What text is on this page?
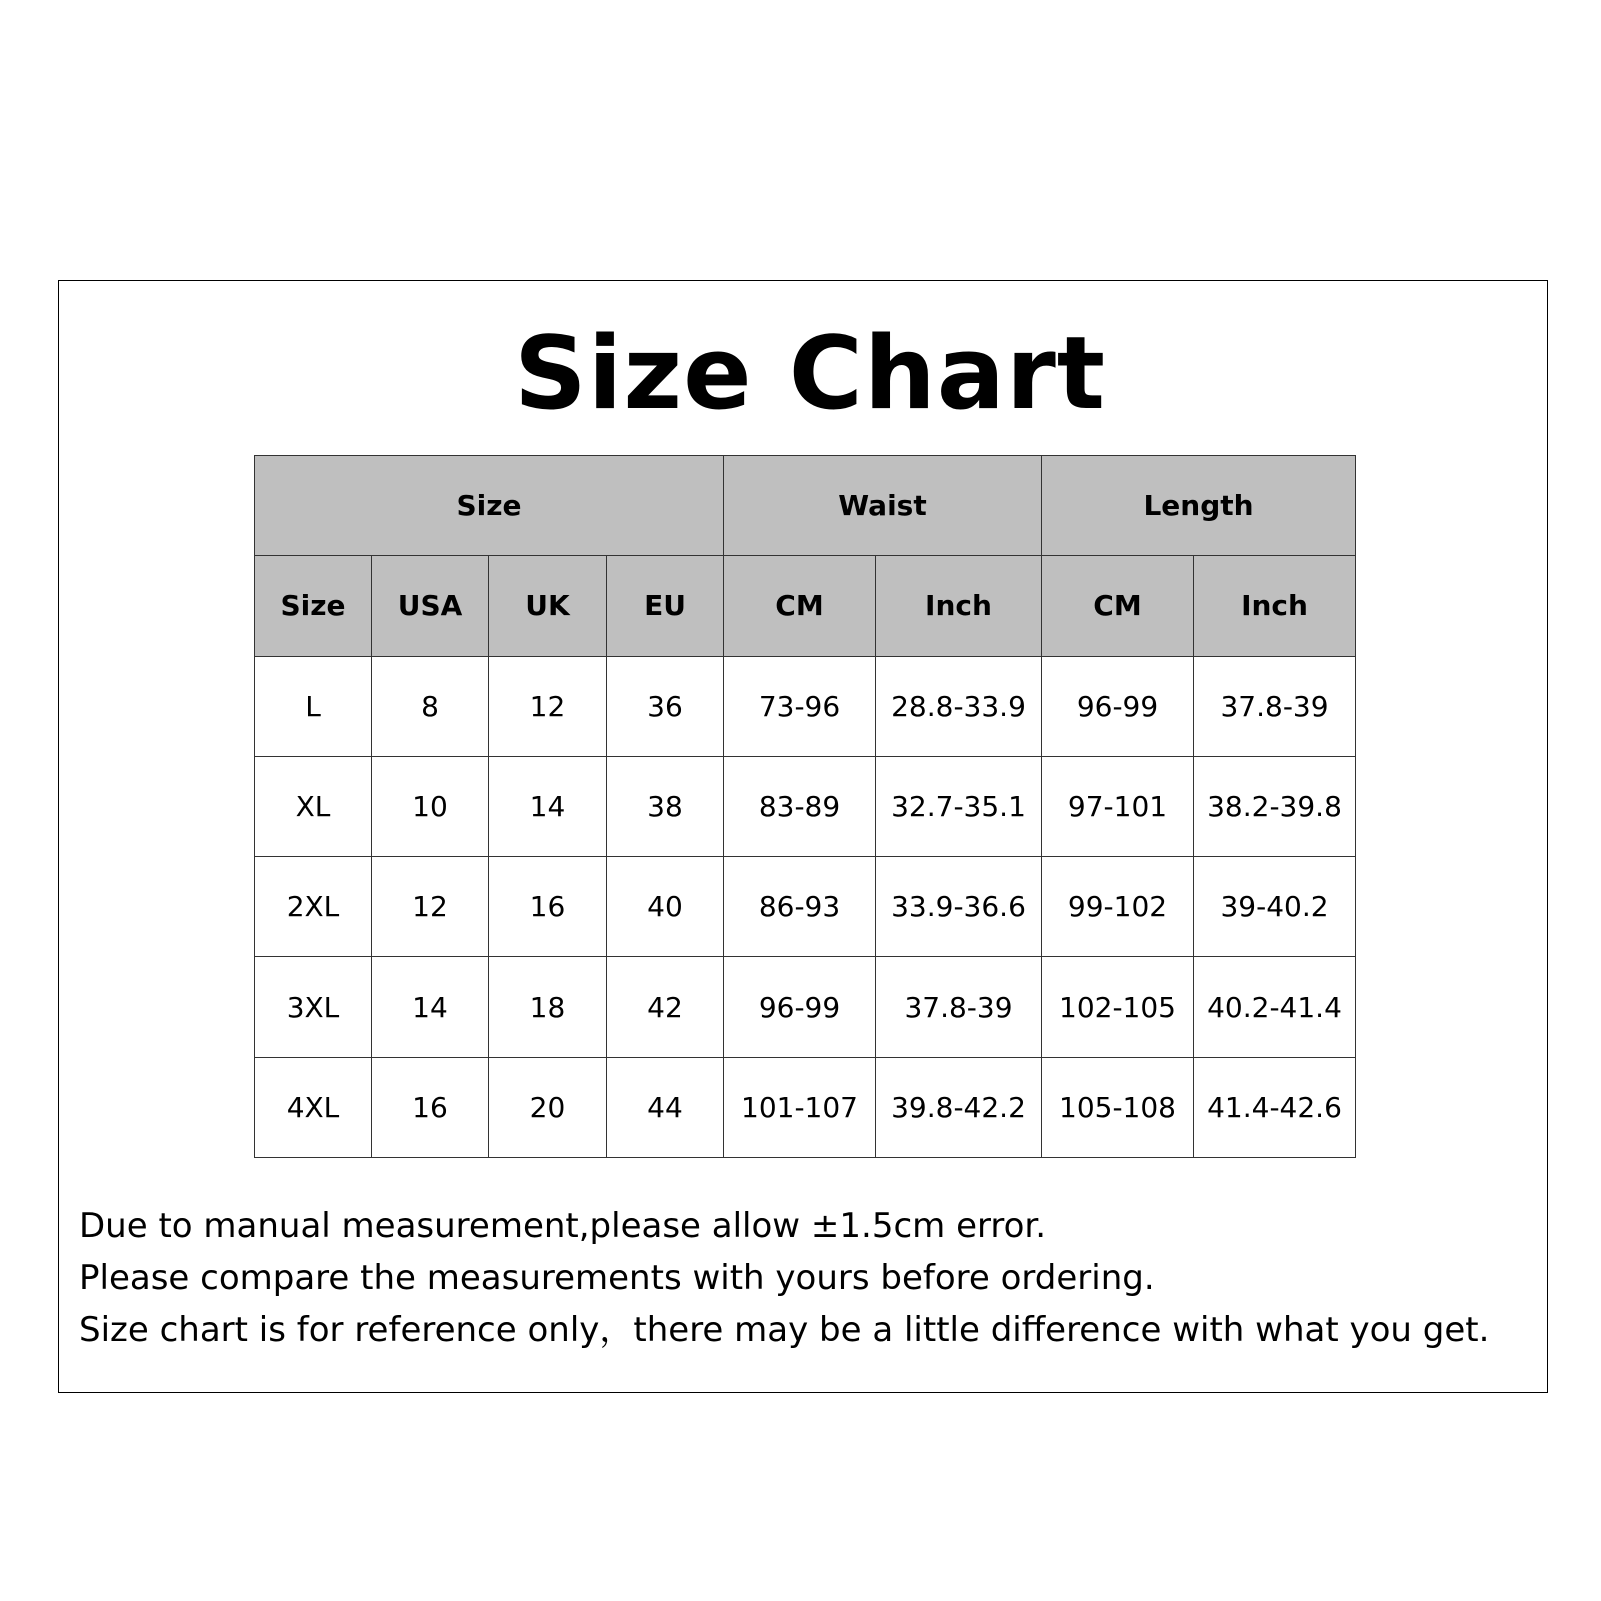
Size Chart
Size				Waist		Length	
Size	USA	UK	EU	CM	Inch	CM	Inch
L	8	12	36	73-96	28.8-33.9	96-99	37.8-39
XL	10	14	38	83-89	32.7-35.1	97-101	38.2-39.8
2XL	12	16	40	86-93	33.9-36.6	99-102	39-40.2
3XL	14	18	42	96-99	37.8-39	102-105	40.2-41.4
4XL	16	20	44	101-107	39.8-42.2	105-108	41.4-42.6
Due to manual measurement,please allow ±1.5cm error.
Please compare the measurements with yours before ordering.
Size chart is for reference only，there may be a little difference with what you get.
